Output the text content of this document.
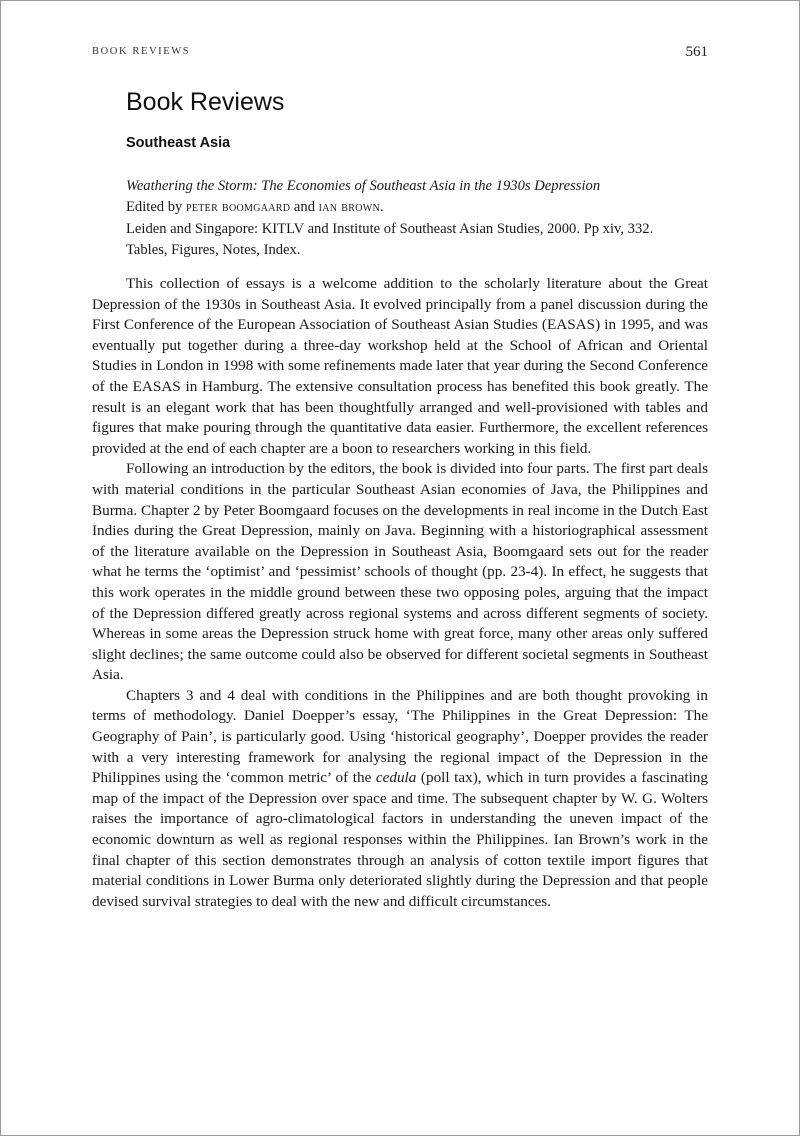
BOOK REVIEWS	561
Book Reviews
Southeast Asia
Weathering the Storm: The Economies of Southeast Asia in the 1930s Depression
Edited by peter boomgaard and ian brown.
Leiden and Singapore: KITLV and Institute of Southeast Asian Studies, 2000. Pp xiv, 332.
Tables, Figures, Notes, Index.

This collection of essays is a welcome addition to the scholarly literature about the Great Depression of the 1930s in Southeast Asia. It evolved principally from a panel discussion during the First Conference of the European Association of Southeast Asian Studies (EASAS) in 1995, and was eventually put together during a three-day workshop held at the School of African and Oriental Studies in London in 1998 with some refinements made later that year during the Second Conference of the EASAS in Hamburg. The extensive consultation process has benefited this book greatly. The result is an elegant work that has been thoughtfully arranged and well-provisioned with tables and figures that make pouring through the quantitative data easier. Furthermore, the excellent references provided at the end of each chapter are a boon to researchers working in this field.

Following an introduction by the editors, the book is divided into four parts. The first part deals with material conditions in the particular Southeast Asian economies of Java, the Philippines and Burma. Chapter 2 by Peter Boomgaard focuses on the developments in real income in the Dutch East Indies during the Great Depression, mainly on Java. Beginning with a historiographical assessment of the literature available on the Depression in Southeast Asia, Boomgaard sets out for the reader what he terms the ‘optimist’ and ‘pessimist’ schools of thought (pp. 23-4). In effect, he suggests that this work operates in the middle ground between these two opposing poles, arguing that the impact of the Depression differed greatly across regional systems and across different segments of society. Whereas in some areas the Depression struck home with great force, many other areas only suffered slight declines; the same outcome could also be observed for different societal segments in Southeast Asia.

Chapters 3 and 4 deal with conditions in the Philippines and are both thought provoking in terms of methodology. Daniel Doepper’s essay, ‘The Philippines in the Great Depression: The Geography of Pain’, is particularly good. Using ‘historical geography’, Doepper provides the reader with a very interesting framework for analysing the regional impact of the Depression in the Philippines using the ‘common metric’ of the cedula (poll tax), which in turn provides a fascinating map of the impact of the Depression over space and time. The subsequent chapter by W. G. Wolters raises the importance of agro-climatological factors in understanding the uneven impact of the economic downturn as well as regional responses within the Philippines. Ian Brown’s work in the final chapter of this section demonstrates through an analysis of cotton textile import figures that material conditions in Lower Burma only deteriorated slightly during the Depression and that people devised survival strategies to deal with the new and difficult circumstances.
